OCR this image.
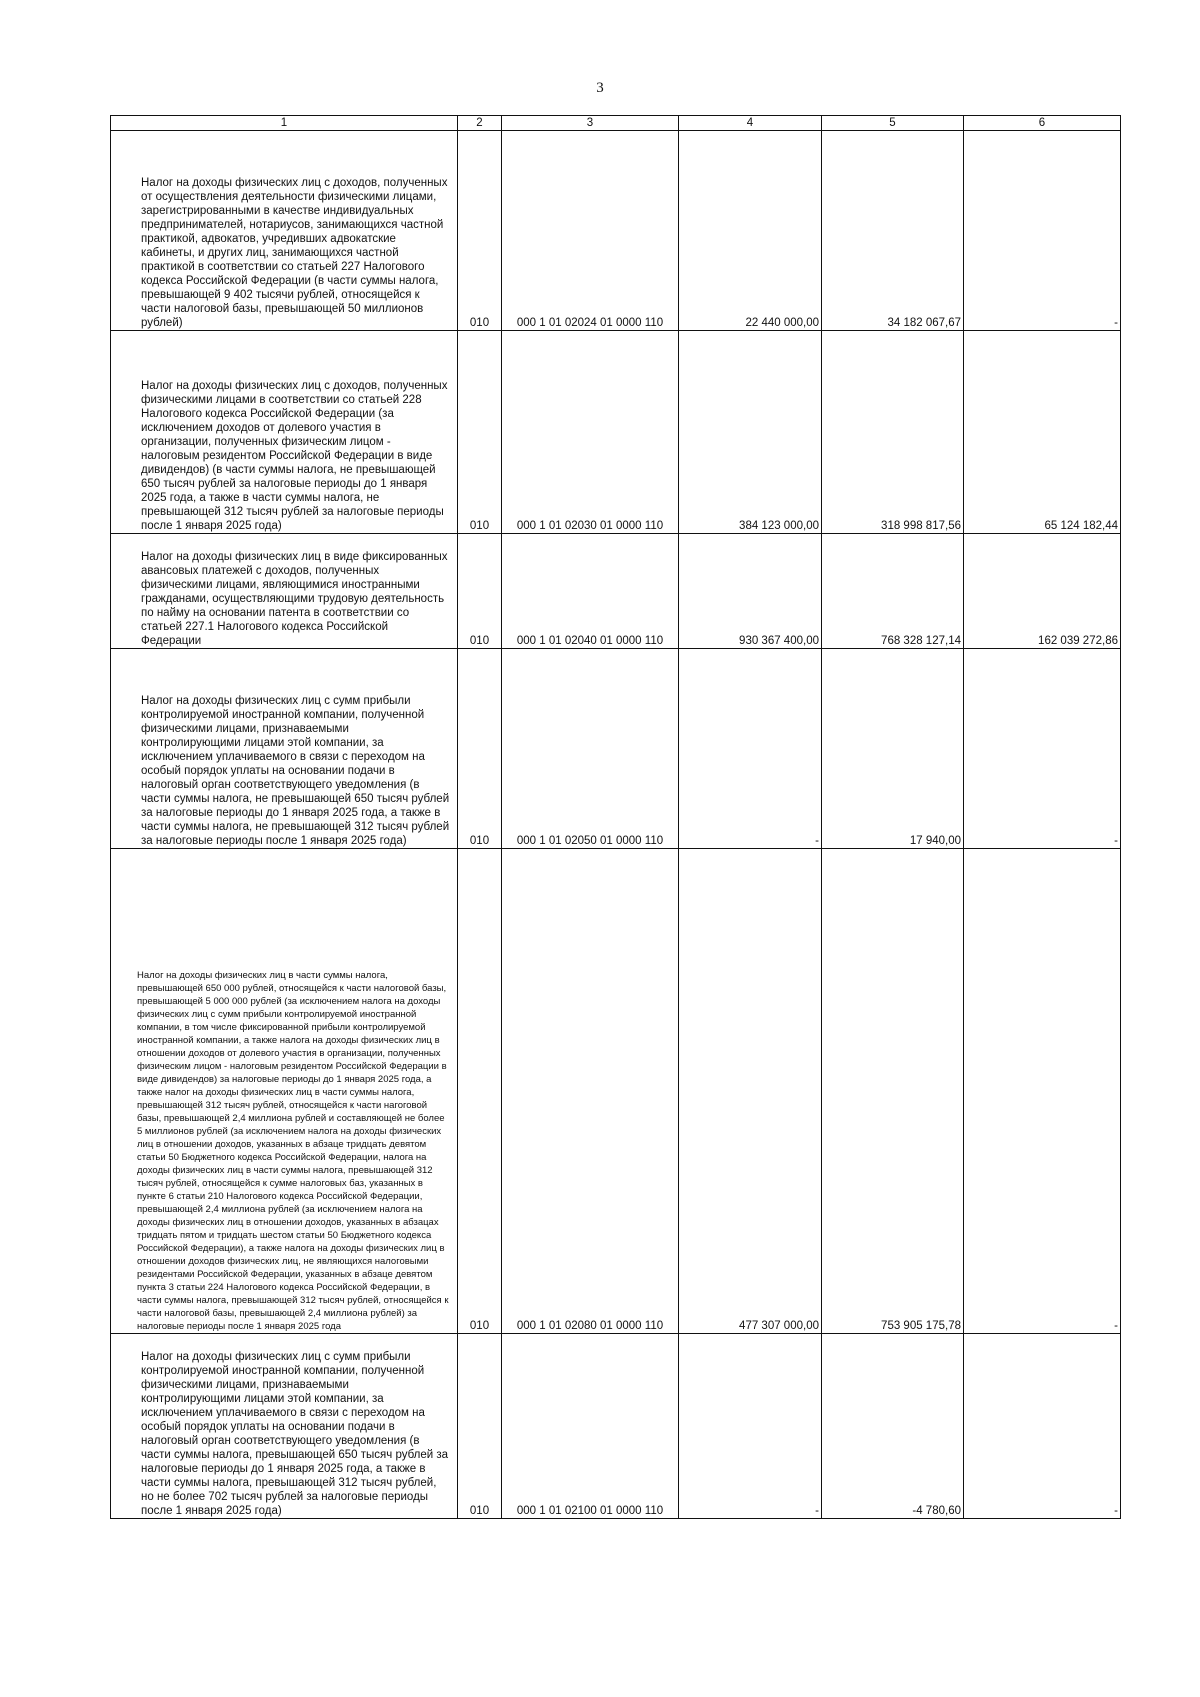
3
1	2	3	4	5	6
Налог на доходы физических лиц с доходов, полученных от осуществления деятельности физическими лицами, зарегистрированными в качестве индивидуальных предпринимателей, нотариусов, занимающихся частной практикой, адвокатов, учредивших адвокатские кабинеты, и других лиц, занимающихся частной практикой в соответствии со статьей 227 Налогового кодекса Российской Федерации (в части суммы налога, превышающей 9 402 тысячи рублей, относящейся к части налоговой базы, превышающей 50 миллионов рублей)	010	000 1 01 02024 01 0000 110	22 440 000,00	34 182 067,67	-
Налог на доходы физических лиц с доходов, полученных физическими лицами в соответствии со статьей 228 Налогового кодекса Российской Федерации (за исключением доходов от долевого участия в организации, полученных физическим лицом - налоговым резидентом Российской Федерации в виде дивидендов) (в части суммы налога, не превышающей 650 тысяч рублей за налоговые периоды до 1 января 2025 года, а также в части суммы налога, не превышающей 312 тысяч рублей за налоговые периоды после 1 января 2025 года)	010	000 1 01 02030 01 0000 110	384 123 000,00	318 998 817,56	65 124 182,44
Налог на доходы физических лиц в виде фиксированных авансовых платежей с доходов, полученных физическими лицами, являющимися иностранными гражданами, осуществляющими трудовую деятельность по найму на основании патента в соответствии со статьей 227.1 Налогового кодекса Российской Федерации	010	000 1 01 02040 01 0000 110	930 367 400,00	768 328 127,14	162 039 272,86
Налог на доходы физических лиц с сумм прибыли контролируемой иностранной компании, полученной физическими лицами, признаваемыми контролирующими лицами этой компании, за исключением уплачиваемого в связи с переходом на особый порядок уплаты на основании подачи в налоговый орган соответствующего уведомления (в части суммы налога, не превышающей 650 тысяч рублей за налоговые периоды до 1 января 2025 года, а также в части суммы налога, не превышающей 312 тысяч рублей за налоговые периоды после 1 января 2025 года)	010	000 1 01 02050 01 0000 110	-	17 940,00	-
Налог на доходы физических лиц в части суммы налога, превышающей 650 000 рублей, относящейся к части налоговой базы, превышающей 5 000 000 рублей (за исключением налога на доходы физических лиц с сумм прибыли контролируемой иностранной компании, в том числе фиксированной прибыли контролируемой иностранной компании, а также налога на доходы физических лиц в отношении доходов от долевого участия в организации, полученных физическим лицом - налоговым резидентом Российской Федерации в виде дивидендов) за налоговые периоды до 1 января 2025 года, а также налог на доходы физических лиц в части суммы налога, превышающей 312 тысяч рублей, относящейся к части нагоговой базы, превышающей 2,4 миллиона рублей и составляющей не более 5 миллионов рублей (за исключением налога на доходы физических лиц в отношении доходов, указанных в абзаце тридцать девятом статьи 50 Бюджетного кодекса Российской Федерации, налога на доходы физических лиц в части суммы налога, превышающей 312 тысяч рублей, относящейся к сумме налоговых баз, указанных в пункте 6 статьи 210 Налогового кодекса Российской Федерации, превышающей 2,4 миллиона рублей (за исключением налога на доходы физических лиц в отношении доходов, указанных в абзацах тридцать пятом и тридцать шестом статьи 50 Бюджетного кодекса Российской Федерации), а также налога на доходы физических лиц в отношении доходов физических лиц, не являющихся налоговыми резидентами Российской Федерации, указанных в абзаце девятом пункта 3 статьи 224 Налогового кодекса Российской Федерации, в части суммы налога, превышающей 312 тысяч рублей, относящейся к части налоговой базы, превышающей 2,4 миллиона рублей) за налоговые периоды после 1 января 2025 года	010	000 1 01 02080 01 0000 110	477 307 000,00	753 905 175,78	-
Налог на доходы физических лиц с сумм прибыли контролируемой иностранной компании, полученной физическими лицами, признаваемыми контролирующими лицами этой компании, за исключением уплачиваемого в связи с переходом на особый порядок уплаты на основании подачи в налоговый орган соответствующего уведомления (в части суммы налога, превышающей 650 тысяч рублей за налоговые периоды до 1 января 2025 года, а также в части суммы налога, превышающей 312 тысяч рублей, но не более 702 тысяч рублей за налоговые периоды после 1 января 2025 года)	010	000 1 01 02100 01 0000 110	-	-4 780,60	-
